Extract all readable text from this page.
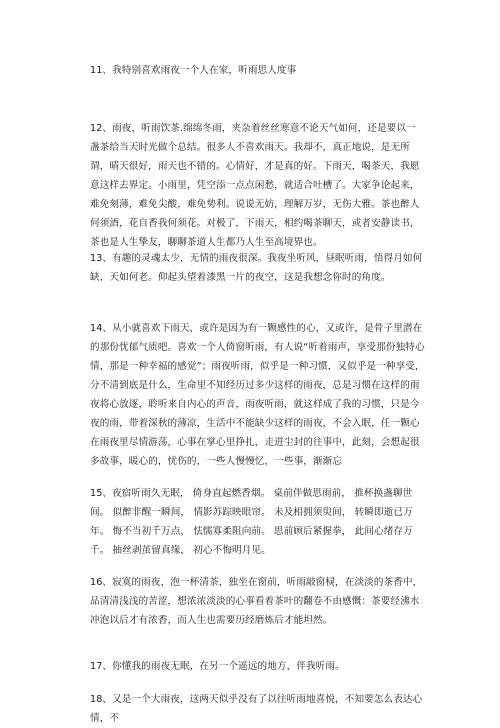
11、我特别喜欢雨夜一个人在家，听雨思人度事

12、雨夜，听雨饮茶.绵绵冬雨，夹杂着丝丝寒意不论天气如何，还是要以一盏茶给当天时光做个总结。很多人不喜欢雨天。我却不，真正地说，是无所谓，晴天很好，雨天也不错的。心情好，才是真的好。下雨天，喝茶天，我愿意这样去界定。小雨里，凭空添一点点闲愁，就适合吐槽了。大家争论起来，难免刻薄，难免尖酸，难免势利。说说无妨，理解万岁，无伤大雅。茶也醉人何须酒，花自香我何须花。对极了，下雨天，相约喝茶聊天，或者安静读书，茶也是人生挚友，聊聊茶道人生都乃人生至高境界也。

13、有趣的灵魂太少，无情的雨夜很深。我夜坐听风，昼眠听雨，悟得月如何缺，天如何老。仰起头望着漆黑一片的夜空，这是我想念你时的角度。

14、从小就喜欢下雨天，或许是因为有一颗感性的心，又或许，是骨子里潜在的那份忧郁气质吧。喜欢一个人倚窗听雨，有人说“听着雨声，享受那份独特心情，那是一种幸福的感觉”；雨夜听雨，似乎是一种习惯，又似乎是一种享受，分不清到底是什么，生命里不知经历过多少这样的雨夜，总是习惯在这样的雨夜将心放逐，聆听来自内心的声音，雨夜听雨，就这样成了我的习惯，只是今夜的雨，带着深秋的薄凉，生活中不能缺少这样的雨夜，不会入眠，任一颗心在雨夜里尽情游荡，心事在掌心里挣扎，走进尘封的往事中，此刻，会想起很多故事，暖心的，忧伤的，一些人慢慢忆，一些事，渐渐忘

15、夜宿听雨久无眠， 倚身直起燃香烟。 桌前伴做思雨前， 推杯换盏聊世间。 似醉非醒一瞬间， 情影苏踪映眼帘。 未及相拥须臾间， 转瞬即逝已万年。 悔不当初千万点， 怯懦寡柔阻向前。 思前顾后紧握拳， 此间心绪存万千。 抽丝剥茧留真缘， 初心不悔明月见。

16、寂寞的雨夜，泡一杯清茶，独坐在窗前，听雨敲窗棂，在淡淡的茶香中，品清清浅浅的苦涩，想浓浓淡淡的心事看着茶叶的翻卷不由感慨：茶要经沸水冲泡以后才有浓香，而人生也需要历经磨炼后才能坦然。

17、你懂我的雨夜无眠，在另一个遥远的地方，伴我听雨。

18、又是一个大雨夜，这两天似乎没有了以往听雨地喜悦，不知要怎么表达心情，不
